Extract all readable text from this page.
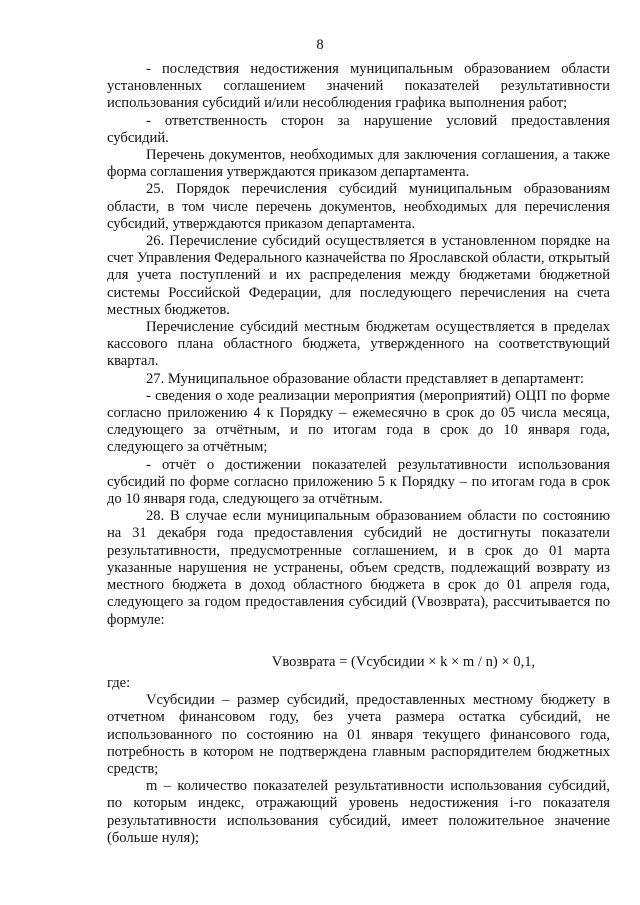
8

- последствия недостижения муниципальным образованием области установленных соглашением значений показателей результативности использования субсидий и/или несоблюдения графика выполнения работ;

- ответственность сторон за нарушение условий предоставления субсидий.

Перечень документов, необходимых для заключения соглашения, а также форма соглашения утверждаются приказом департамента.

25. Порядок перечисления субсидий муниципальным образованиям области, в том числе перечень документов, необходимых для перечисления субсидий, утверждаются приказом департамента.

26. Перечисление субсидий осуществляется в установленном порядке на счет Управления Федерального казначейства по Ярославской области, открытый для учета поступлений и их распределения между бюджетами бюджетной системы Российской Федерации, для последующего перечисления на счета местных бюджетов.

Перечисление субсидий местным бюджетам осуществляется в пределах кассового плана областного бюджета, утвержденного на соответствующий квартал.

27. Муниципальное образование области представляет в департамент:

- сведения о ходе реализации мероприятия (мероприятий) ОЦП по форме согласно приложению 4 к Порядку – ежемесячно в срок до 05 числа месяца, следующего за отчётным, и по итогам года в срок до 10 января года, следующего за отчётным;

- отчёт о достижении показателей результативности использования субсидий по форме согласно приложению 5 к Порядку – по итогам года в срок до 10 января года, следующего за отчётным.

28. В случае если муниципальным образованием области по состоянию на 31 декабря года предоставления субсидий не достигнуты показатели результативности, предусмотренные соглашением, и в срок до 01 марта указанные нарушения не устранены, объем средств, подлежащий возврату из местного бюджета в доход областного бюджета в срок до 01 апреля года, следующего за годом предоставления субсидий (Vвозврата), рассчитывается по формуле:

Vвозврата = (Vсубсидии × k × m / n) × 0,1,

где:

Vсубсидии – размер субсидий, предоставленных местному бюджету в отчетном финансовом году, без учета размера остатка субсидий, не использованного по состоянию на 01 января текущего финансового года, потребность в котором не подтверждена главным распорядителем бюджетных средств;

m – количество показателей результативности использования субсидий, по которым индекс, отражающий уровень недостижения i-го показателя результативности использования субсидий, имеет положительное значение (больше нуля);
